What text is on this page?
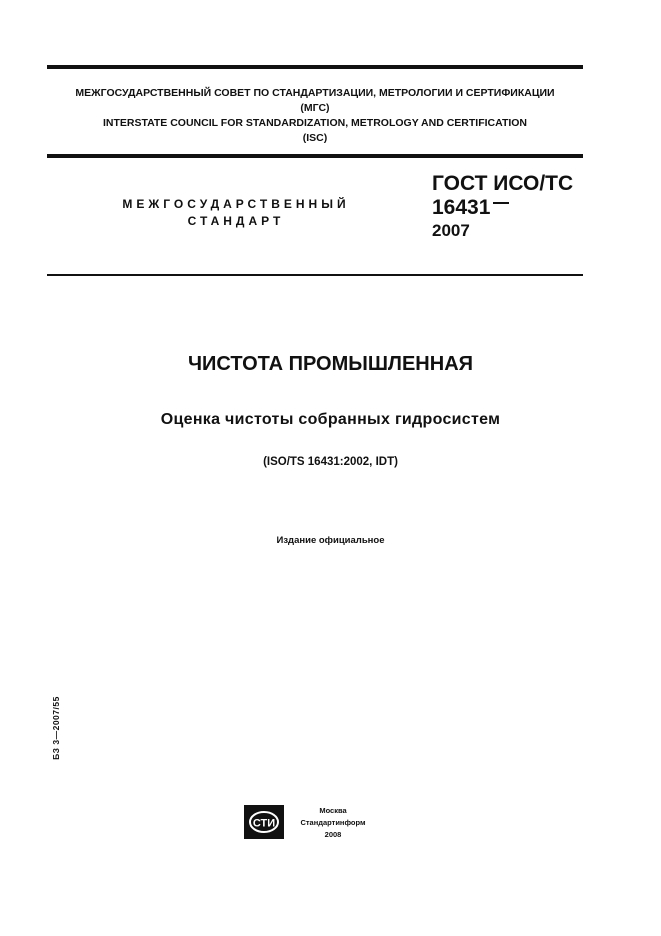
МЕЖГОСУДАРСТВЕННЫЙ СОВЕТ ПО СТАНДАРТИЗАЦИИ, МЕТРОЛОГИИ И СЕРТИФИКАЦИИ
(МГС)
INTERSTATE COUNCIL FOR STANDARDIZATION, METROLOGY AND CERTIFICATION
(ISC)
МЕЖГОСУДАРСТВЕННЫЙ
СТАНДАРТ
ГОСТ ИСО/ТС
16431
2007
ЧИСТОТА ПРОМЫШЛЕННАЯ
Оценка чистоты собранных гидросистем
(ISO/TS 16431:2002, IDT)
Издание официальное
БЗ 3—2007/55
СТИ
Москва
Стандартинформ
2008
